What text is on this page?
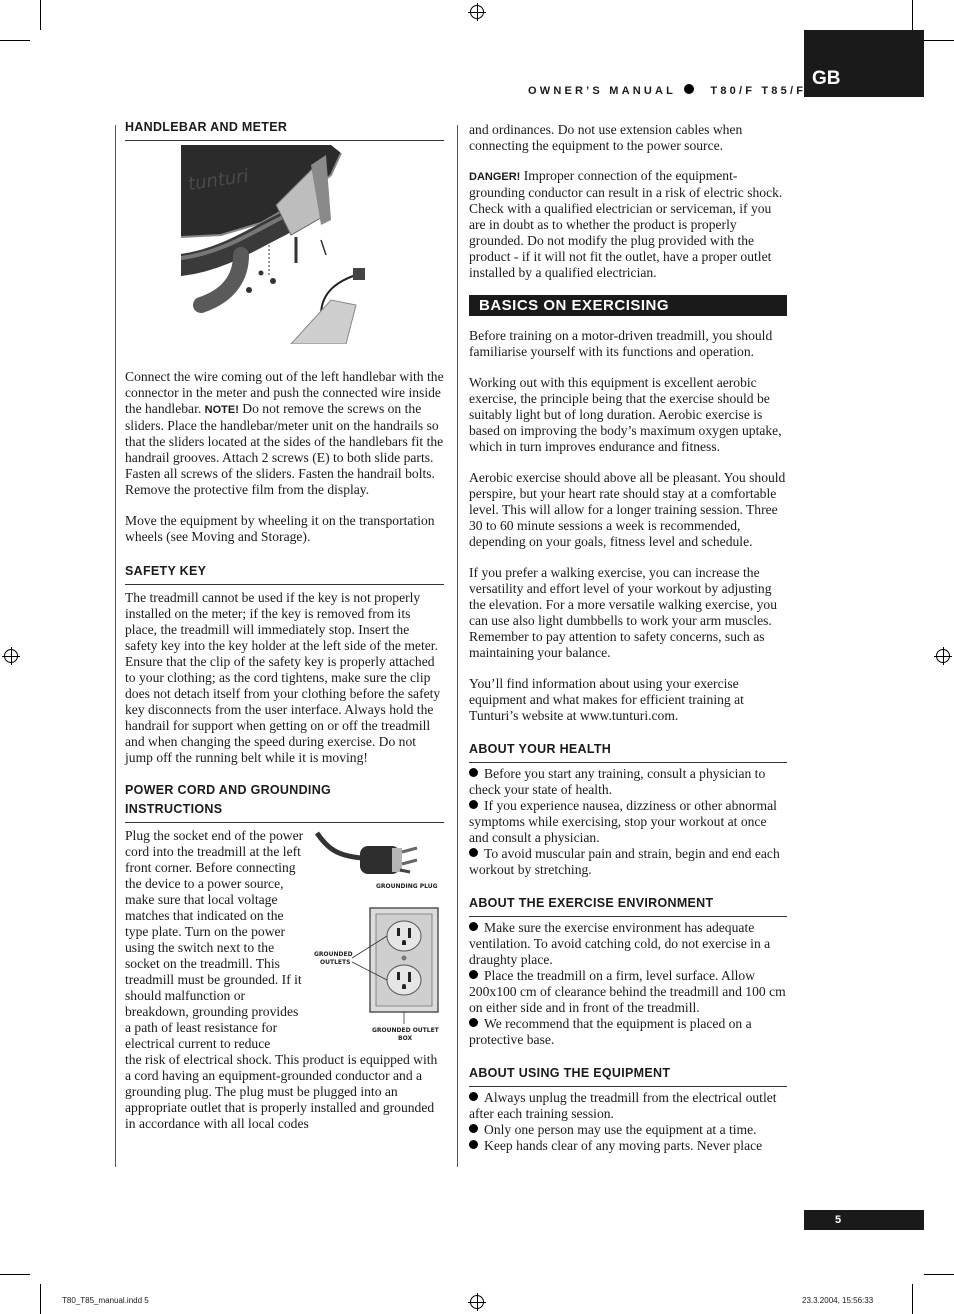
GB
OWNER’S MANUAL	T80/F T85/F
HANDLEBAR AND METER
tunturi

Connect the wire coming out of the left handlebar with the connector in the meter and push the connected wire inside the handlebar. NOTE! Do not remove the screws on the sliders. Place the handlebar/meter unit on the handrails so that the sliders located at the sides of the handlebars fit the handrail grooves. Attach 2 screws (E) to both slide parts. Fasten all screws of the sliders. Fasten the handrail bolts. Remove the protective film from the display.

Move the equipment by wheeling it on the transportation wheels (see Moving and Storage).

SAFETY KEY

The treadmill cannot be used if the key is not properly installed on the meter; if the key is removed from its place, the treadmill will immediately stop. Insert the safety key into the key holder at the left side of the meter. Ensure that the clip of the safety key is properly attached to your clothing; as the cord tightens, make sure the clip does not detach itself from your clothing before the safety key disconnects from the user interface. Always hold the handrail for support when getting on or off the treadmill and when changing the speed during exercise. Do not jump off the running belt while it is moving!

POWER CORD AND GROUNDING
INSTRUCTIONS
GROUNDING PLUG
GROUNDED
OUTLETS
GROUNDED OUTLET
BOX

Plug the socket end of the power cord into the treadmill at the left front corner. Before connecting the device to a power source, make sure that local voltage matches that indicated on the type plate. Turn on the power using the switch next to the socket on the treadmill. This treadmill must be grounded. If it should malfunction or breakdown, grounding provides a path of least resistance for electrical current to reduce

the risk of electrical shock. This product is equipped with a cord having an equipment-grounded conductor and a grounding plug. The plug must be plugged into an appropriate outlet that is properly installed and grounded in accordance with all local codes

and ordinances. Do not use extension cables when connecting the equipment to the power source.

DANGER! Improper connection of the equipment-grounding conductor can result in a risk of electric shock. Check with a qualified electrician or serviceman, if you are in doubt as to whether the product is properly grounded. Do not modify the plug provided with the product - if it will not fit the outlet, have a proper outlet installed by a qualified electrician.

BASICS ON EXERCISING

Before training on a motor-driven treadmill, you should familiarise yourself with its functions and operation.

Working out with this equipment is excellent aerobic exercise, the principle being that the exercise should be suitably light but of long duration. Aerobic exercise is based on improving the body’s maximum oxygen uptake, which in turn improves endurance and fitness.

Aerobic exercise should above all be pleasant. You should perspire, but your heart rate should stay at a comfortable level. This will allow for a longer training session. Three 30 to 60 minute sessions a week is recommended, depending on your goals, fitness level and schedule.

If you prefer a walking exercise, you can increase the versatility and effort level of your workout by adjusting the elevation. For a more versatile walking exercise, you can use also light dumbbells to work your arm muscles. Remember to pay attention to safety concerns, such as maintaining your balance.

You’ll find information about using your exercise equipment and what makes for efficient training at Tunturi’s website at www.tunturi.com.

ABOUT YOUR HEALTH

Before you start any training, consult a physician to check your state of health.

If you experience nausea, dizziness or other abnormal symptoms while exercising, stop your workout at once and consult a physician.

To avoid muscular pain and strain, begin and end each workout by stretching.

ABOUT THE EXERCISE ENVIRONMENT

Make sure the exercise environment has adequate ventilation. To avoid catching cold, do not exercise in a draughty place.

Place the treadmill on a firm, level surface. Allow 200x100 cm of clearance behind the treadmill and 100 cm on either side and in front of the treadmill.

We recommend that the equipment is placed on a protective base.

ABOUT USING THE EQUIPMENT

Always unplug the treadmill from the electrical outlet after each training session.

Only one person may use the equipment at a time.

Keep hands clear of any moving parts. Never place

5
T80_T85_manual.indd 5	23.3.2004, 15:56:33
